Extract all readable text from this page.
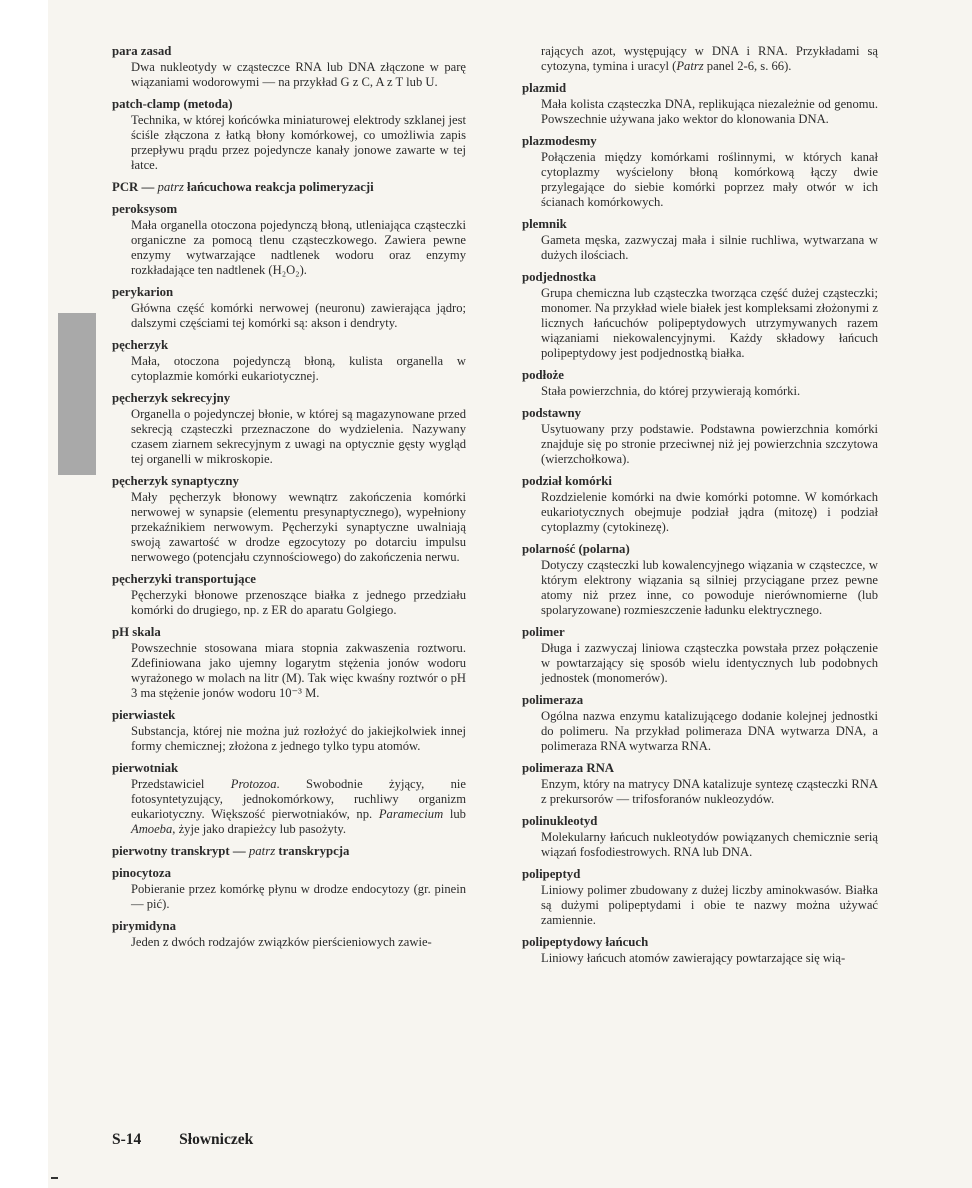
para zasad
Dwa nukleotydy w cząsteczce RNA lub DNA złączone w parę wiązaniami wodorowymi — na przykład G z C, A z T lub U.
patch-clamp (metoda)
Technika, w której końcówka miniaturowej elektrody szklanej jest ściśle złączona z łatką błony komórkowej, co umożliwia zapis przepływu prądu przez pojedyncze kanały jonowe zawarte w tej łatce.
PCR — patrz łańcuchowa reakcja polimeryzacji
peroksysom
Mała organella otoczona pojedynczą błoną, utleniająca cząsteczki organiczne za pomocą tlenu cząsteczkowego. Zawiera pewne enzymy wytwarzające nadtlenek wodoru oraz enzymy rozkładające ten nadtlenek (H₂O₂).
perykarion
Główna część komórki nerwowej (neuronu) zawierająca jądro; dalszymi częściami tej komórki są: akson i dendryty.
pęcherzyk
Mała, otoczona pojedynczą błoną, kulista organella w cytoplazmie komórki eukariotycznej.
pęcherzyk sekrecyjny
Organella o pojedynczej błonie, w której są magazynowane przed sekrecją cząsteczki przeznaczone do wydzielenia. Nazywany czasem ziarnem sekrecyjnym z uwagi na optycznie gęsty wygląd tej organelli w mikroskopie.
pęcherzyk synaptyczny
Mały pęcherzyk błonowy wewnątrz zakończenia komórki nerwowej w synapsie (elementu presynaptycznego), wypełniony przekaźnikiem nerwowym. Pęcherzyki synaptyczne uwalniają swoją zawartość w drodze egzocytozy po dotarciu impulsu nerwowego (potencjału czynnościowego) do zakończenia nerwu.
pęcherzyki transportujące
Pęcherzyki błonowe przenoszące białka z jednego przedziału komórki do drugiego, np. z ER do aparatu Golgiego.
pH skala
Powszechnie stosowana miara stopnia zakwaszenia roztworu. Zdefiniowana jako ujemny logarytm stężenia jonów wodoru wyrażonego w molach na litr (M). Tak więc kwaśny roztwór o pH 3 ma stężenie jonów wodoru 10⁻³ M.
pierwiastek
Substancja, której nie można już rozłożyć do jakiejkolwiek innej formy chemicznej; złożona z jednego tylko typu atomów.
pierwotniak
Przedstawiciel Protozoa. Swobodnie żyjący, nie fotosyntetyzujący, jednokomórkowy, ruchliwy organizm eukariotyczny. Większość pierwotniaków, np. Paramecium lub Amoeba, żyje jako drapieżcy lub pasożyty.
pierwotny transkrypt — patrz transkrypcja
pinocytoza
Pobieranie przez komórkę płynu w drodze endocytozy (gr. pinein — pić).
pirymidyna
Jeden z dwóch rodzajów związków pierścieniowych zawie-
rających azot, występujący w DNA i RNA. Przykładami są cytozyna, tymina i uracyl (Patrz panel 2-6, s. 66).
plazmid
Mała kolista cząsteczka DNA, replikująca niezależnie od genomu. Powszechnie używana jako wektor do klonowania DNA.
plazmodesmy
Połączenia między komórkami roślinnymi, w których kanał cytoplazmy wyścielony błoną komórkową łączy dwie przylegające do siebie komórki poprzez mały otwór w ich ścianach komórkowych.
plemnik
Gameta męska, zazwyczaj mała i silnie ruchliwa, wytwarzana w dużych ilościach.
podjednostka
Grupa chemiczna lub cząsteczka tworząca część dużej cząsteczki; monomer. Na przykład wiele białek jest kompleksami złożonymi z licznych łańcuchów polipeptydowych utrzymywanych razem wiązaniami niekowalencyjnymi. Każdy składowy łańcuch polipeptydowy jest podjednostką białka.
podłoże
Stała powierzchnia, do której przywierają komórki.
podstawny
Usytuowany przy podstawie. Podstawna powierzchnia komórki znajduje się po stronie przeciwnej niż jej powierzchnia szczytowa (wierzchołkowa).
podział komórki
Rozdzielenie komórki na dwie komórki potomne. W komórkach eukariotycznych obejmuje podział jądra (mitozę) i podział cytoplazmy (cytokinezę).
polarność (polarna)
Dotyczy cząsteczki lub kowalencyjnego wiązania w cząsteczce, w którym elektrony wiązania są silniej przyciągane przez pewne atomy niż przez inne, co powoduje nierównomierne (lub spolaryzowane) rozmieszczenie ładunku elektrycznego.
polimer
Długa i zazwyczaj liniowa cząsteczka powstała przez połączenie w powtarzający się sposób wielu identycznych lub podobnych jednostek (monomerów).
polimeraza
Ogólna nazwa enzymu katalizującego dodanie kolejnej jednostki do polimeru. Na przykład polimeraza DNA wytwarza DNA, a polimeraza RNA wytwarza RNA.
polimeraza RNA
Enzym, który na matrycy DNA katalizuje syntezę cząsteczki RNA z prekursorów — trifosforanów nukleozydów.
polinukleotyd
Molekularny łańcuch nukleotydów powiązanych chemicznie serią wiązań fosfodiestrowych. RNA lub DNA.
polipeptyd
Liniowy polimer zbudowany z dużej liczby aminokwasów. Białka są dużymi polipeptydami i obie te nazwy można używać zamiennie.
polipeptydowy łańcuch
Liniowy łańcuch atomów zawierający powtarzające się wią-
S-14 Słowniczek
